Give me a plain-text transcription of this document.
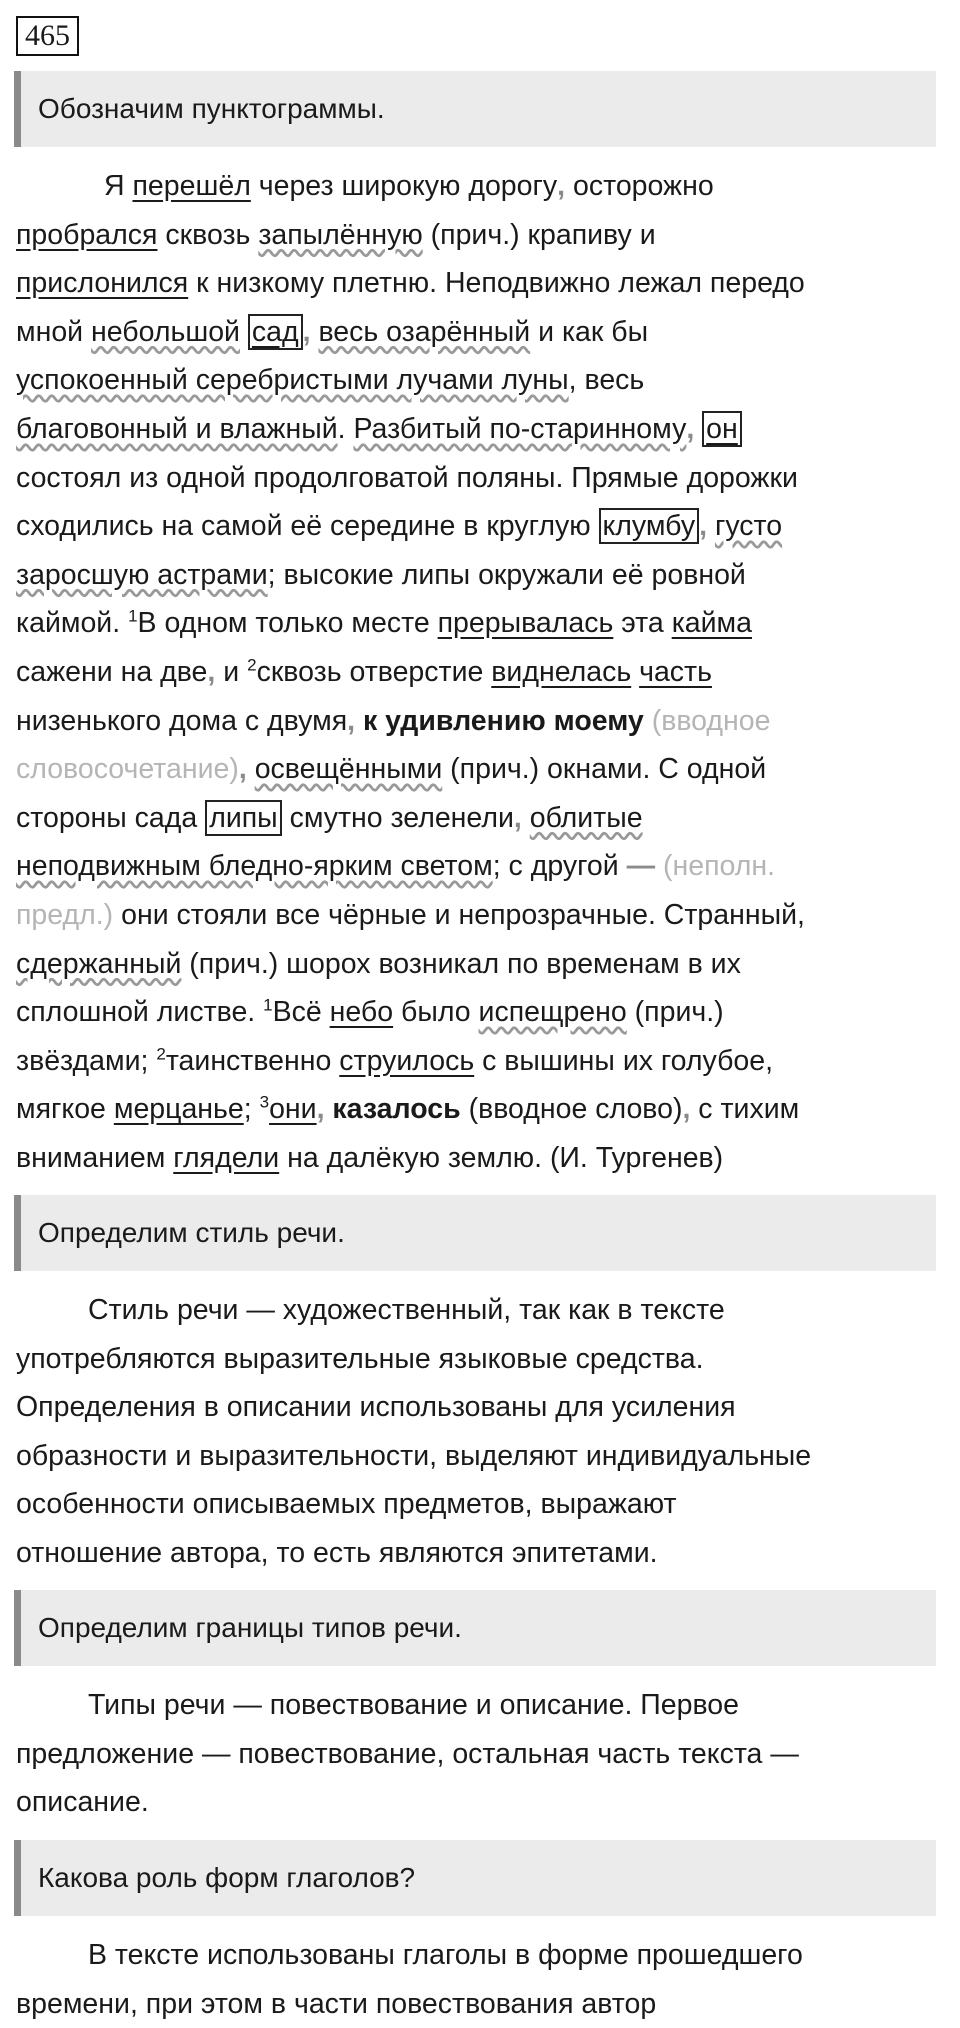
465
Обозначим пунктограммы.
Я перешёл через широкую дорогу, осторожно
пробрался сквозь запылённую (прич.) крапиву и
прислонился к низкому плетню. Неподвижно лежал передо
мной небольшой сад , весь озарённый и как бы
успокоенный серебристыми лучами луны, весь
благовонный и влажный. Разбитый по-старинному, он
состоял из одной продолговатой поляны. Прямые дорожки
сходились на самой её середине в круглую клумбу , густо
заросшую астрами; высокие липы окружали её ровной
каймой. $^1$В одном только месте прерывалась эта кайма
сажени на две, и $^2$сквозь отверстие виднелась часть
низенького дома с двумя, к удивлению моему (вводное
словосочетание), освещёнными (прич.) окнами. С одной
стороны сада липы смутно зеленели, облитые
неподвижным бледно-ярким светом; с другой — (неполн.
предл.) они стояли все чёрные и непрозрачные. Странный,
сдержанный (прич.) шорох возникал по временам в их
сплошной листве. $^1$Всё небо было испещрено (прич.)
звёздами; $^2$таинственно струилось с вышины их голубое,
мягкое мерцанье; $^3$они, казалось (вводное слово), с тихим
вниманием глядели на далёкую землю. (И. Тургенев)
Определим стиль речи.
Стиль речи — художественный, так как в тексте
употребляются выразительные языковые средства.
Определения в описании использованы для усиления
образности и выразительности, выделяют индивидуальные
особенности описываемых предметов, выражают
отношение автора, то есть являются эпитетами.
Определим границы типов речи.
Типы речи — повествование и описание. Первое
предложение — повествование, остальная часть текста —
описание.
Какова роль форм глаголов?
В тексте использованы глаголы в форме прошедшего
времени, при этом в части повествования автор
